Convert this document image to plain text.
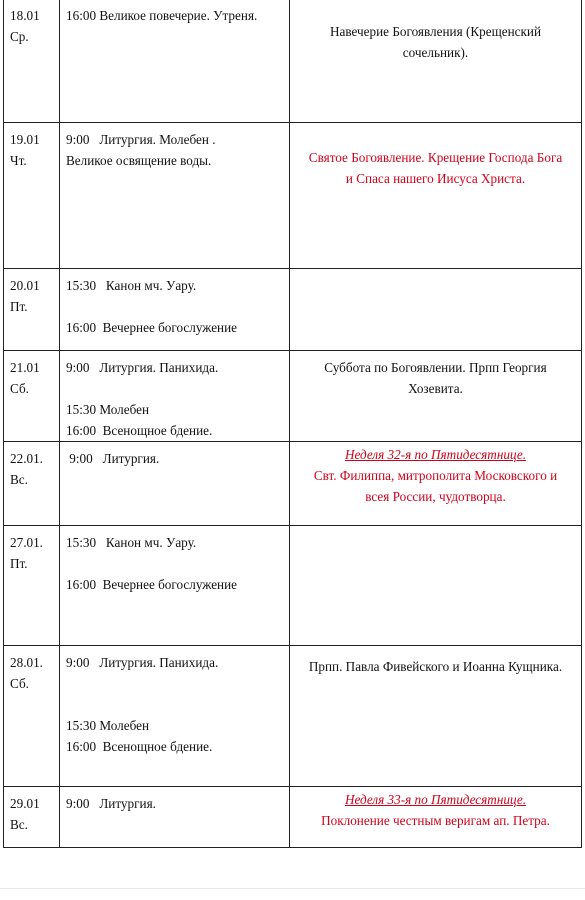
18.01
Ср.	16:00 Великое повечерие. Утреня.	Навечерие Богоявления (Крещенский
сочельник).

19.01
Чт.	9:00   Литургия. Молебен .
Великое освящение воды.	Святое Богоявление. Крещение Господа Бога
и Спаса нашего Иисуса Христа.

20.01
Пт.	15:30   Канон мч. Уару.
16:00  Вечернее богослужение	

21.01
Сб.	9:00   Литургия. Панихида.
15:30 Молебен
16:00  Всенощное бдение.	Суббота по Богоявлении. Прпп Георгия
Хозевита.

22.01.
Вс.	9:00   Литургия.	Неделя 32-я по Пятидесятнице.
Свт. Филиппа, митрополита Московского и
всея России, чудотворца.

27.01.
Пт.	15:30   Канон мч. Уару.
16:00  Вечернее богослужение	

28.01.
Сб.	9:00   Литургия. Панихида.
15:30 Молебен
16:00  Всенощное бдение.	Прпп. Павла Фивейского и Иоанна Кущника.

29.01
Вс.	9:00   Литургия.	Неделя 33-я по Пятидесятнице.
Поклонение честным веригам ап. Петра.
